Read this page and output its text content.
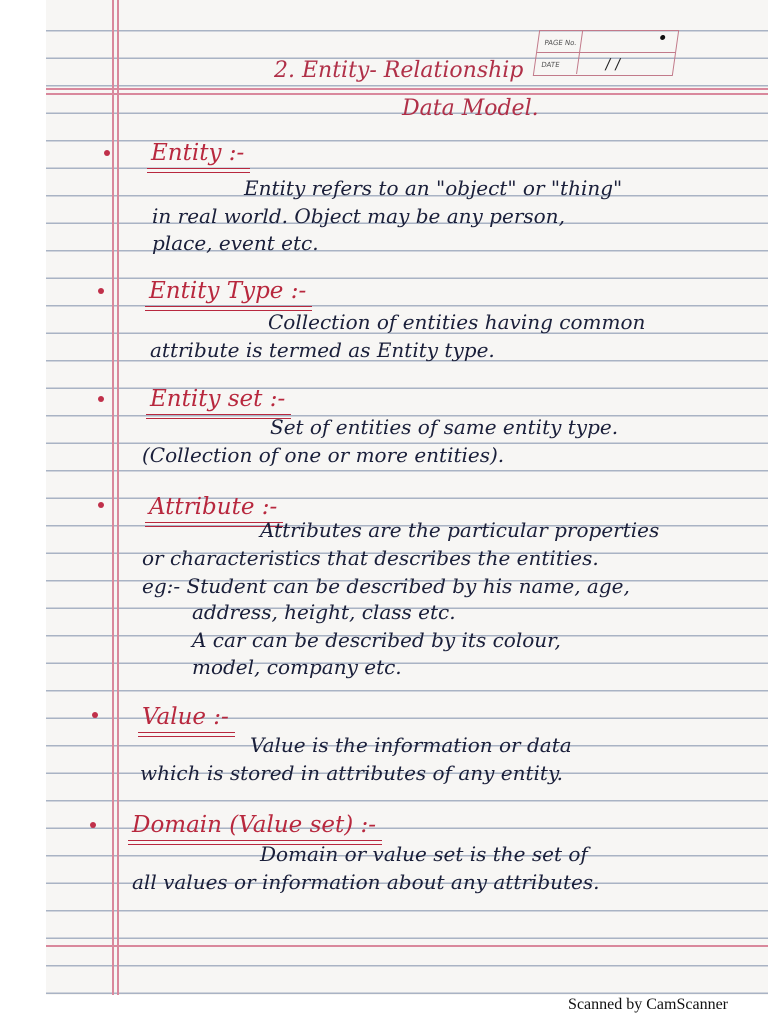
PAGE No.
DATE	/ /
2. Entity- Relationship
Data Model.
Entity :-
Entity refers to an "object" or "thing"
in real world. Object may be any person,
place, event etc.
Entity Type :-
Collection of entities having common
attribute is termed as Entity type.
Entity set :-
Set of entities of same entity type.
(Collection of one or more entities).
Attribute :-
Attributes are the particular properties
or characteristics that describes the entities.
eg:- Student can be described by his name, age,
address, height, class etc.
A car can be described by its colour,
model, company etc.
Value :-
Value is the information or data
which is stored in attributes of any entity.
Domain (Value set) :-
Domain or value set is the set of
all values or information about any attributes.
Scanned by CamScanner
